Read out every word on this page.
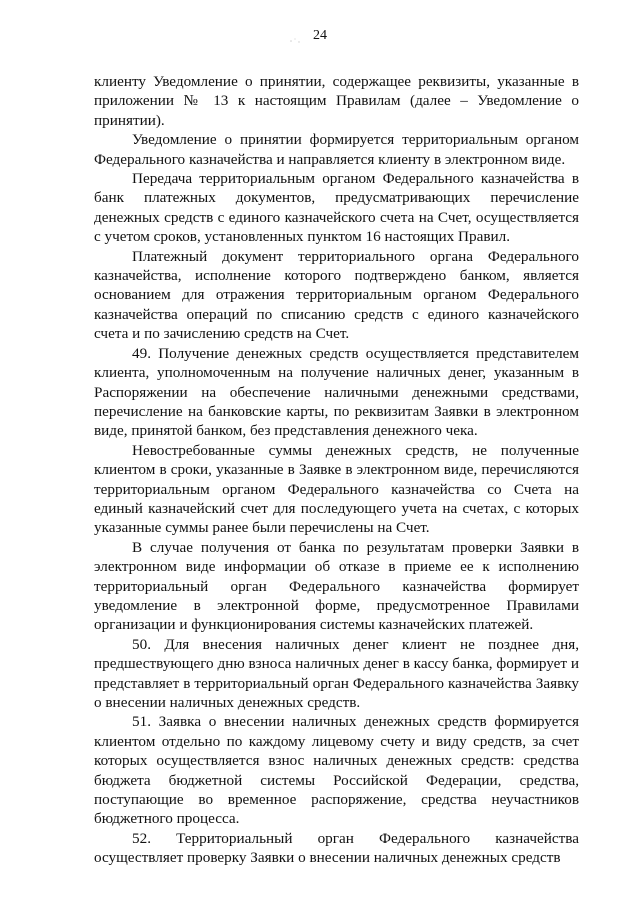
24

клиенту Уведомление о принятии, содержащее реквизиты, указанные в приложении № 13 к настоящим Правилам (далее – Уведомление о принятии).

Уведомление о принятии формируется территориальным органом Федерального казначейства и направляется клиенту в электронном виде.

Передача территориальным органом Федерального казначейства в банк платежных документов, предусматривающих перечисление денежных средств с единого казначейского счета на Счет, осуществляется с учетом сроков, установленных пунктом 16 настоящих Правил.

Платежный документ территориального органа Федерального казначейства, исполнение которого подтверждено банком, является основанием для отражения территориальным органом Федерального казначейства операций по списанию средств с единого казначейского счета и по зачислению средств на Счет.

49. Получение денежных средств осуществляется представителем клиента, уполномоченным на получение наличных денег, указанным в Распоряжении на обеспечение наличными денежными средствами, перечисление на банковские карты, по реквизитам Заявки в электронном виде, принятой банком, без представления денежного чека.

Невостребованные суммы денежных средств, не полученные клиентом в сроки, указанные в Заявке в электронном виде, перечисляются территориальным органом Федерального казначейства со Счета на единый казначейский счет для последующего учета на счетах, с которых указанные суммы ранее были перечислены на Счет.

В случае получения от банка по результатам проверки Заявки в электронном виде информации об отказе в приеме ее к исполнению территориальный орган Федерального казначейства формирует уведомление в электронной форме, предусмотренное Правилами организации и функционирования системы казначейских платежей.

50. Для внесения наличных денег клиент не позднее дня, предшествующего дню взноса наличных денег в кассу банка, формирует и представляет в территориальный орган Федерального казначейства Заявку о внесении наличных денежных средств.

51. Заявка о внесении наличных денежных средств формируется клиентом отдельно по каждому лицевому счету и виду средств, за счет которых осуществляется взнос наличных денежных средств: средства бюджета бюджетной системы Российской Федерации, средства, поступающие во временное распоряжение, средства неучастников бюджетного процесса.

52. Территориальный орган Федерального казначейства осуществляет проверку Заявки о внесении наличных денежных средств
